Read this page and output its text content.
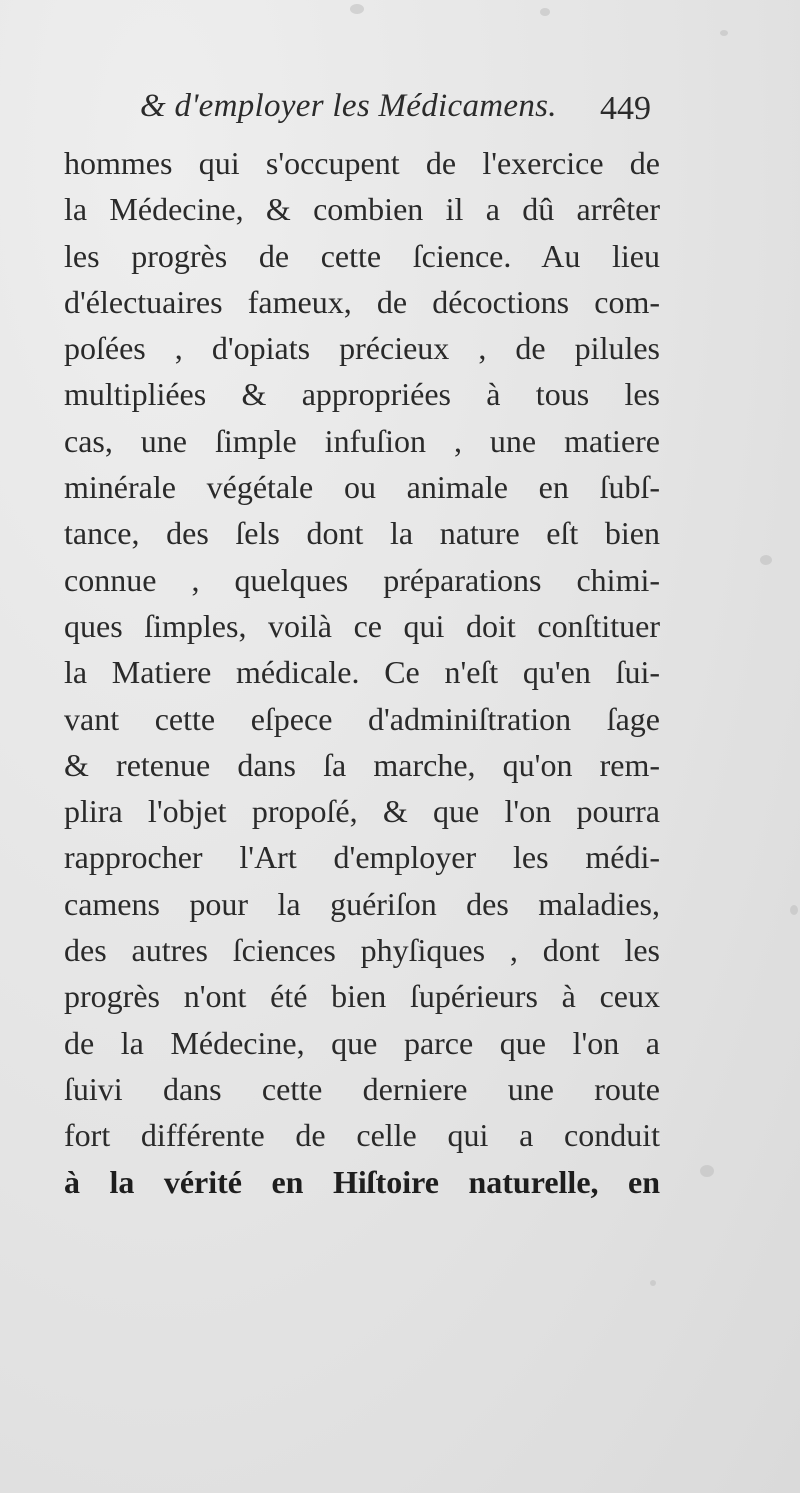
& d'employer les Médicamens. 449
hommes qui s'occupent de l'exercice de
la Médecine, & combien il a dû arrêter
les progrès de cette ſcience. Au lieu
d'électuaires fameux, de décoctions com-
poſées , d'opiats précieux , de pilules
multipliées & appropriées à tous les
cas, une ſimple infuſion , une matiere
minérale végétale ou animale en ſubſ-
tance, des ſels dont la nature eſt bien
connue , quelques préparations chimi-
ques ſimples, voilà ce qui doit conſtituer
la Matiere médicale. Ce n'eſt qu'en ſui-
vant cette eſpece d'adminiſtration ſage
& retenue dans ſa marche, qu'on rem-
plira l'objet propoſé, & que l'on pourra
rapprocher l'Art d'employer les médi-
camens pour la guériſon des maladies,
des autres ſciences phyſiques , dont les
progrès n'ont été bien ſupérieurs à ceux
de la Médecine, que parce que l'on a
ſuivi dans cette derniere une route
fort différente de celle qui a conduit
à la vérité en Hiſtoire naturelle, en
